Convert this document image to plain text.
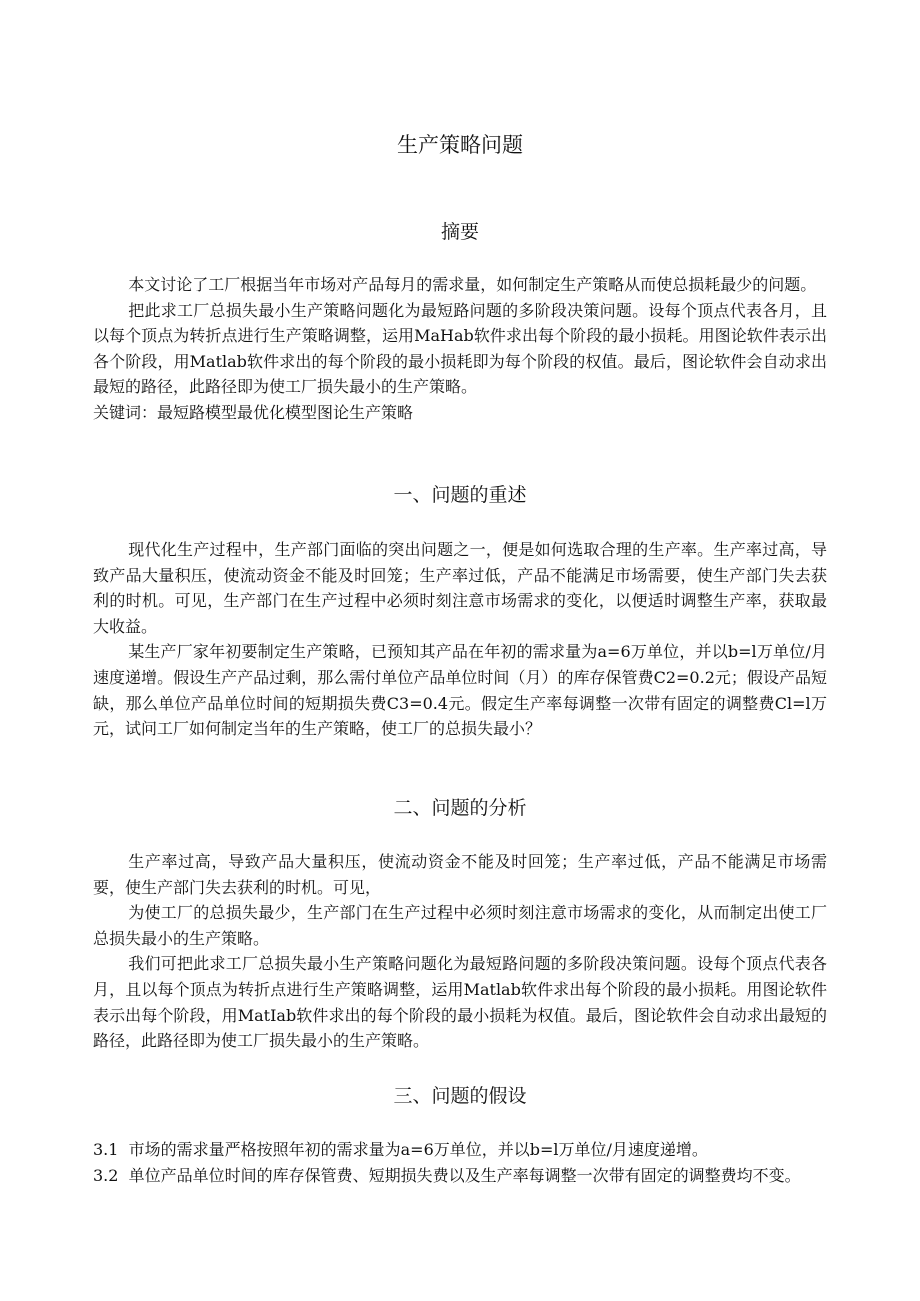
生产策略问题
摘要

本文讨论了工厂根据当年市场对产品每月的需求量，如何制定生产策略从而使总损耗最少的问题。

把此求工厂总损失最小生产策略问题化为最短路问题的多阶段决策问题。设每个顶点代表各月，且以每个顶点为转折点进行生产策略调整，运用MaHab软件求出每个阶段的最小损耗。用图论软件表示出各个阶段，用Matlab软件求出的每个阶段的最小损耗即为每个阶段的权值。最后，图论软件会自动求出最短的路径，此路径即为使工厂损失最小的生产策略。

关键词：最短路模型最优化模型图论生产策略

一、问题的重述

现代化生产过程中，生产部门面临的突出问题之一，便是如何选取合理的生产率。生产率过高，导致产品大量积压，使流动资金不能及时回笼；生产率过低，产品不能满足市场需要，使生产部门失去获利的时机。可见，生产部门在生产过程中必须时刻注意市场需求的变化，以便适时调整生产率，获取最大收益。

某生产厂家年初要制定生产策略，已预知其产品在年初的需求量为a=6万单位，并以b=l万单位/月速度递增。假设生产产品过剩，那么需付单位产品单位时间（月）的库存保管费C2=0.2元；假设产品短缺，那么单位产品单位时间的短期损失费C3=0.4元。假定生产率每调整一次带有固定的调整费Cl=l万元，试问工厂如何制定当年的生产策略，使工厂的总损失最小？

二、问题的分析

生产率过高，导致产品大量积压，使流动资金不能及时回笼；生产率过低，产品不能满足市场需要，使生产部门失去获利的时机。可见，

为使工厂的总损失最少，生产部门在生产过程中必须时刻注意市场需求的变化，从而制定出使工厂总损失最小的生产策略。

我们可把此求工厂总损失最小生产策略问题化为最短路问题的多阶段决策问题。设每个顶点代表各月，且以每个顶点为转折点进行生产策略调整，运用Matlab软件求出每个阶段的最小损耗。用图论软件表示出每个阶段，用MatIab软件求出的每个阶段的最小损耗为权值。最后，图论软件会自动求出最短的路径，此路径即为使工厂损失最小的生产策略。

三、问题的假设

3.1  市场的需求量严格按照年初的需求量为a=6万单位，并以b=l万单位/月速度递增。

3.2  单位产品单位时间的库存保管费、短期损失费以及生产率每调整一次带有固定的调整费均不变。
